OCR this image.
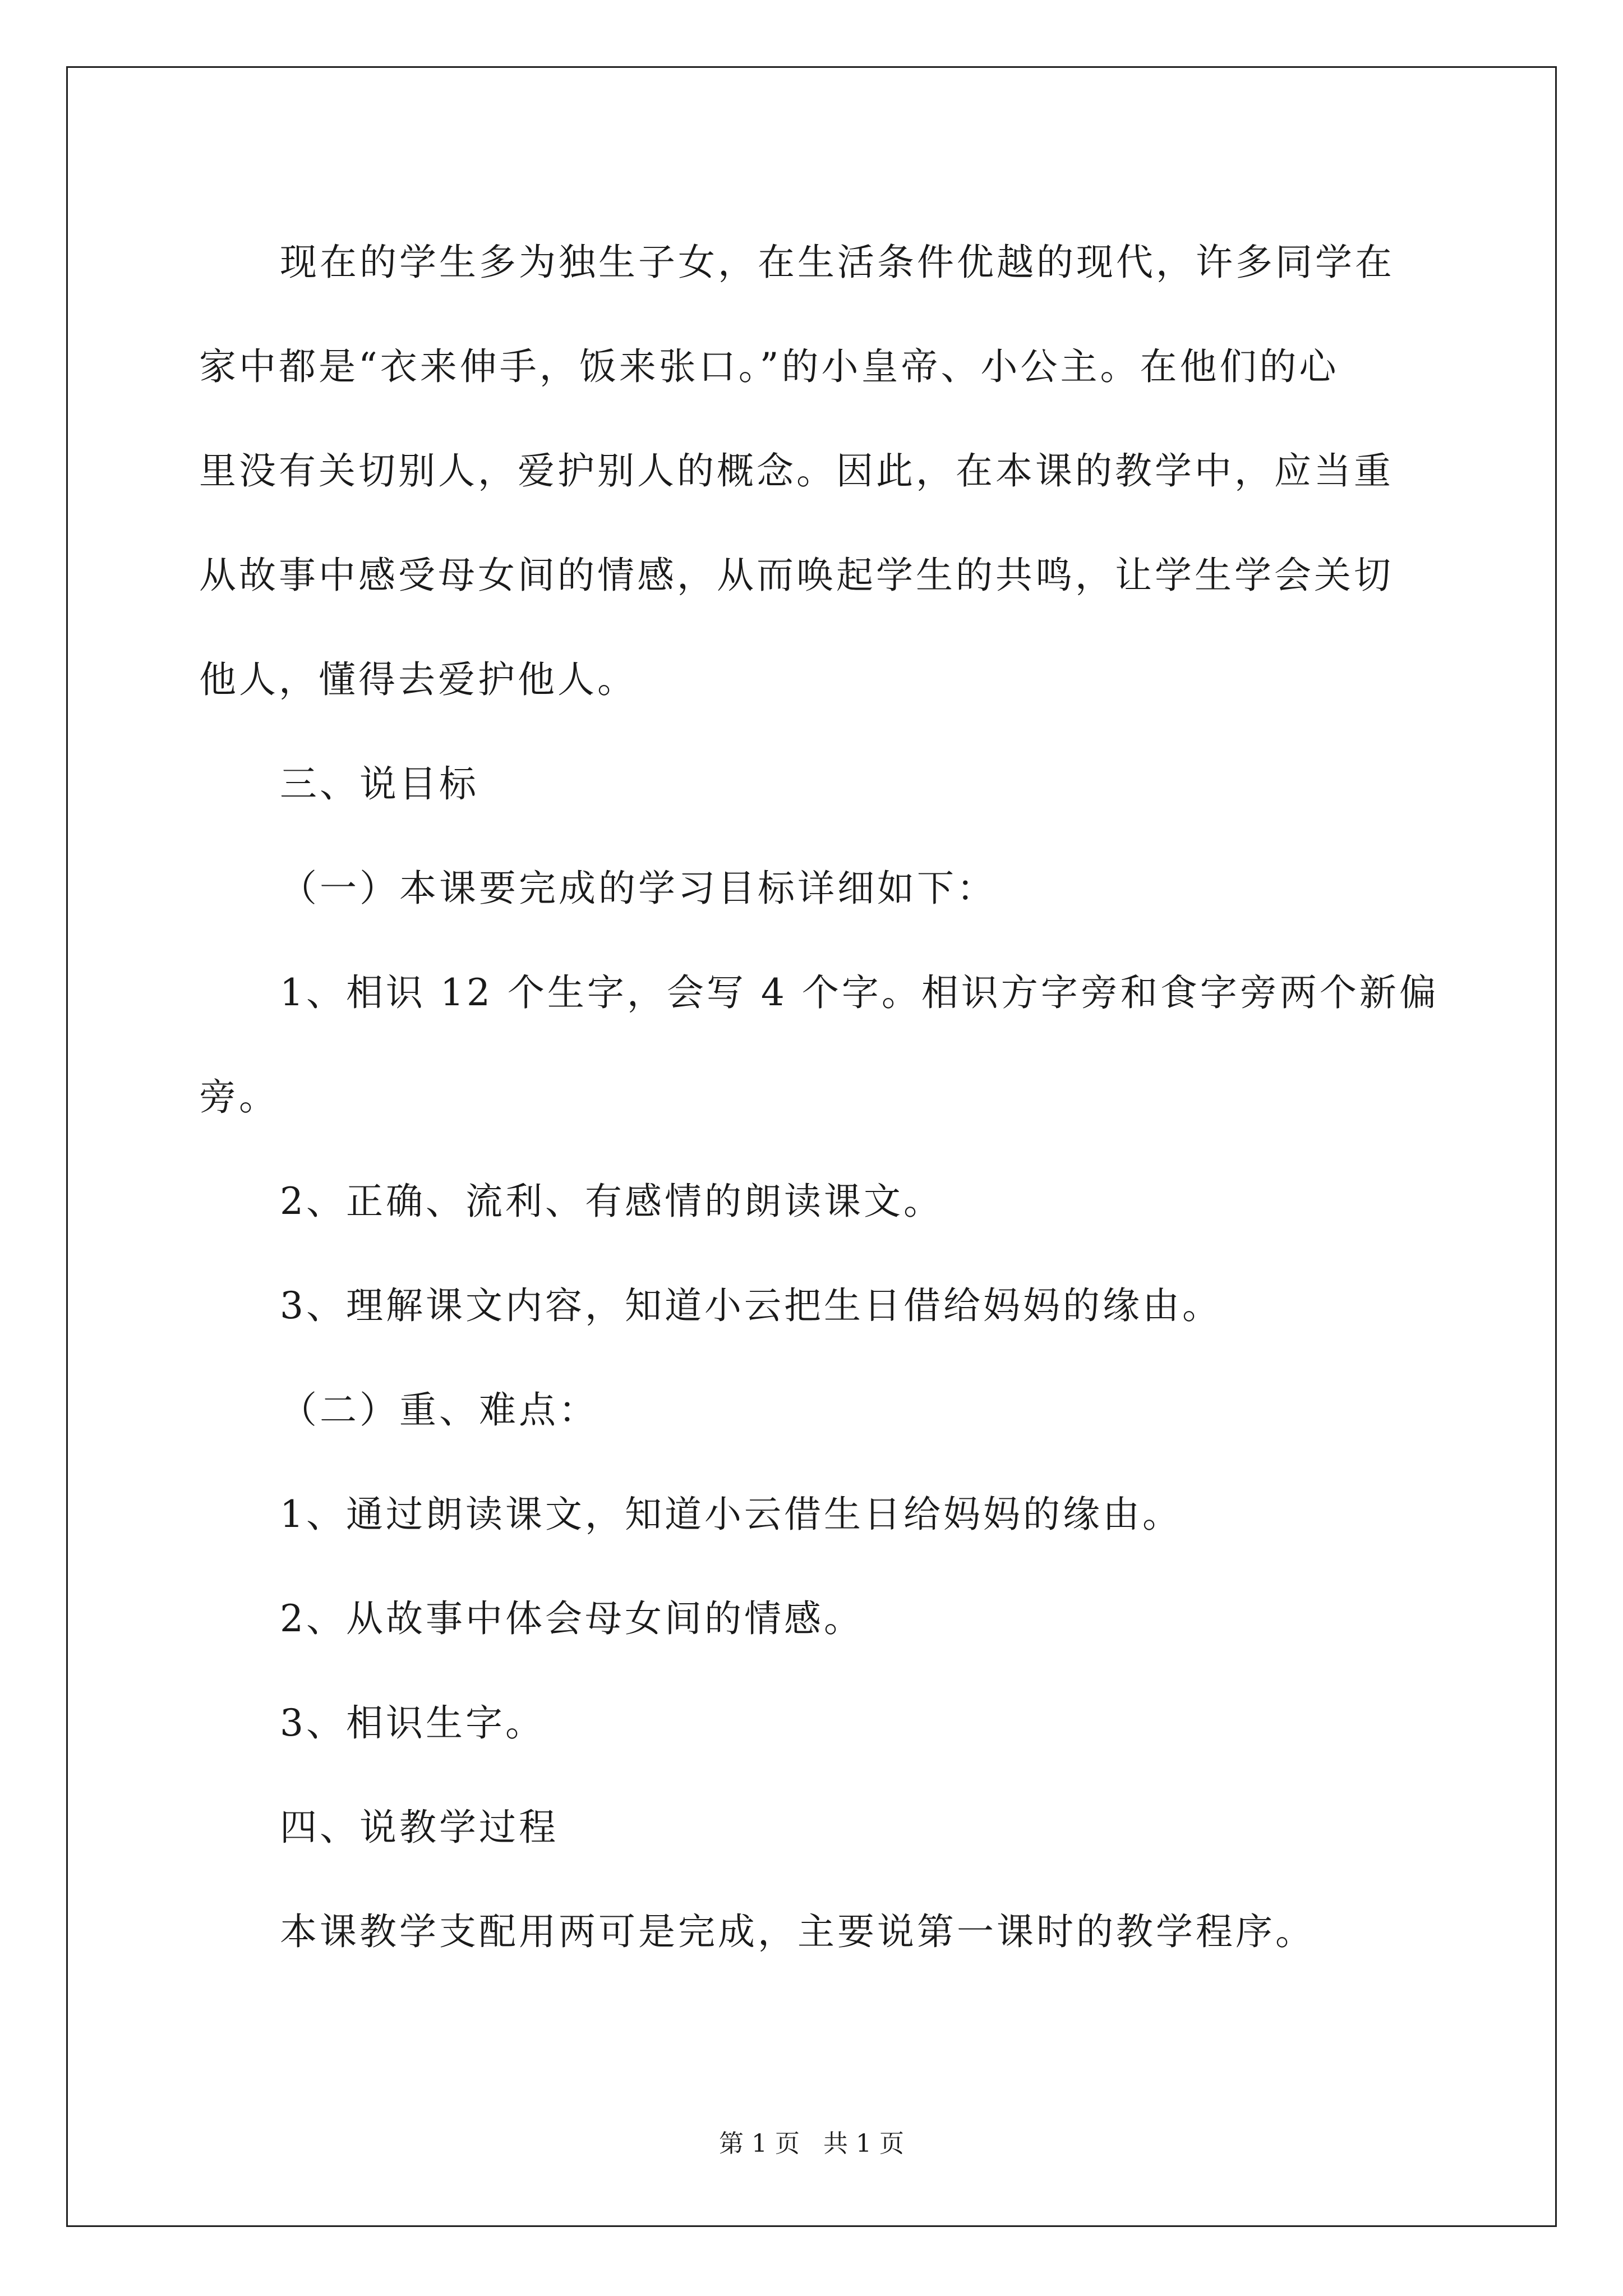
现在的学生多为独生子女，在生活条件优越的现代，许多同学在
家中都是“衣来伸手，饭来张口。”的小皇帝、小公主。在他们的心
里没有关切别人，爱护别人的概念。因此，在本课的教学中，应当重
从故事中感受母女间的情感，从而唤起学生的共鸣，让学生学会关切
他人，懂得去爱护他人。
三、说目标
（一）本课要完成的学习目标详细如下：
1、相识 12 个生字，会写 4 个字。相识方字旁和食字旁两个新偏
旁。
2、正确、流利、有感情的朗读课文。
3、理解课文内容，知道小云把生日借给妈妈的缘由。
（二）重、难点：
1、通过朗读课文，知道小云借生日给妈妈的缘由。
2、从故事中体会母女间的情感。
3、相识生字。
四、说教学过程
本课教学支配用两可是完成，主要说第一课时的教学程序。
第 1 页   共 1 页
